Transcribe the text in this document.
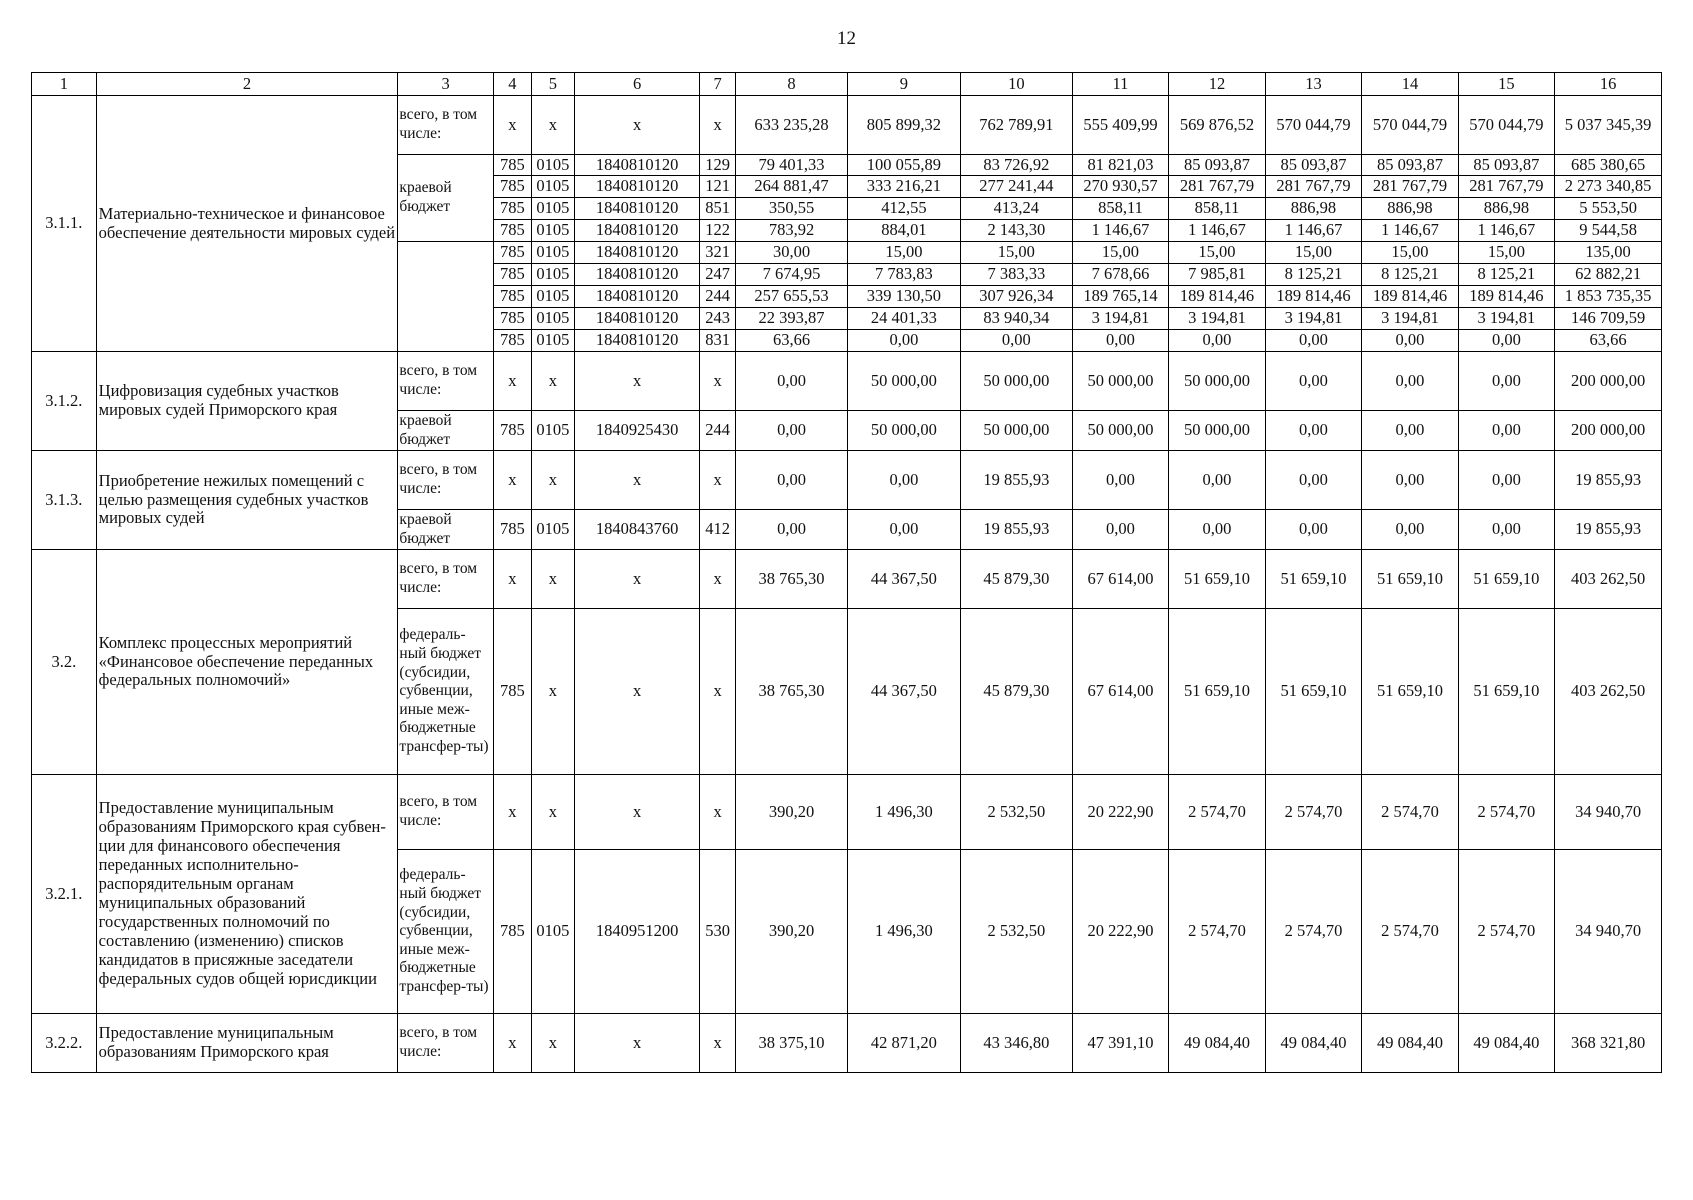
12
1	2	3	4	5	6	7	8	9	10	11	12	13	14	15	16
3.1.1.	Материально-техническое и финансовое обеспечение деятельности мировых судей	всего, в том числе:	x	x	x	x	633 235,28	805 899,32	762 789,91	555 409,99	569 876,52	570 044,79	570 044,79	570 044,79	5 037 345,39
		краевой бюджет	785	0105	1840810120	129	79 401,33	100 055,89	83 726,92	81 821,03	85 093,87	85 093,87	85 093,87	85 093,87	685 380,65
			785	0105	1840810120	121	264 881,47	333 216,21	277 241,44	270 930,57	281 767,79	281 767,79	281 767,79	281 767,79	2 273 340,85
			785	0105	1840810120	851	350,55	412,55	413,24	858,11	858,11	886,98	886,98	886,98	5 553,50
			785	0105	1840810120	122	783,92	884,01	2 143,30	1 146,67	1 146,67	1 146,67	1 146,67	1 146,67	9 544,58
			785	0105	1840810120	321	30,00	15,00	15,00	15,00	15,00	15,00	15,00	15,00	135,00
			785	0105	1840810120	247	7 674,95	7 783,83	7 383,33	7 678,66	7 985,81	8 125,21	8 125,21	8 125,21	62 882,21
			785	0105	1840810120	244	257 655,53	339 130,50	307 926,34	189 765,14	189 814,46	189 814,46	189 814,46	189 814,46	1 853 735,35
			785	0105	1840810120	243	22 393,87	24 401,33	83 940,34	3 194,81	3 194,81	3 194,81	3 194,81	3 194,81	146 709,59
			785	0105	1840810120	831	63,66	0,00	0,00	0,00	0,00	0,00	0,00	0,00	63,66
3.1.2.	Цифровизация судебных участков мировых судей Приморского края	всего, в том числе:	x	x	x	x	0,00	50 000,00	50 000,00	50 000,00	50 000,00	0,00	0,00	0,00	200 000,00
		краевой бюджет	785	0105	1840925430	244	0,00	50 000,00	50 000,00	50 000,00	50 000,00	0,00	0,00	0,00	200 000,00
3.1.3.	Приобретение нежилых помещений с целью размещения судебных участков мировых судей	всего, в том числе:	x	x	x	x	0,00	0,00	19 855,93	0,00	0,00	0,00	0,00	0,00	19 855,93
		краевой бюджет	785	0105	1840843760	412	0,00	0,00	19 855,93	0,00	0,00	0,00	0,00	0,00	19 855,93
3.2.	Комплекс процессных мероприятий «Финансовое обеспечение переданных федеральных полномочий»	всего, в том числе:	x	x	x	x	38 765,30	44 367,50	45 879,30	67 614,00	51 659,10	51 659,10	51 659,10	51 659,10	403 262,50
		федераль-ный бюджет (субсидии, субвенции, иные меж-бюджетные трансфер-ты)	785	x	x	x	38 765,30	44 367,50	45 879,30	67 614,00	51 659,10	51 659,10	51 659,10	51 659,10	403 262,50
3.2.1.	Предоставление муниципальным образованиям Приморского края субвен-ции для финансового обеспечения переданных исполнительно-распорядительным органам муниципальных образований государственных полномочий по составлению (изменению) списков кандидатов в присяжные заседатели федеральных судов общей юрисдикции	всего, в том числе:	x	x	x	x	390,20	1 496,30	2 532,50	20 222,90	2 574,70	2 574,70	2 574,70	2 574,70	34 940,70
		федераль-ный бюджет (субсидии, субвенции, иные меж-бюджетные трансфер-ты)	785	0105	1840951200	530	390,20	1 496,30	2 532,50	20 222,90	2 574,70	2 574,70	2 574,70	2 574,70	34 940,70
3.2.2.	Предоставление муниципальным образованиям Приморского края	всего, в том числе:	x	x	x	x	38 375,10	42 871,20	43 346,80	47 391,10	49 084,40	49 084,40	49 084,40	49 084,40	368 321,80
